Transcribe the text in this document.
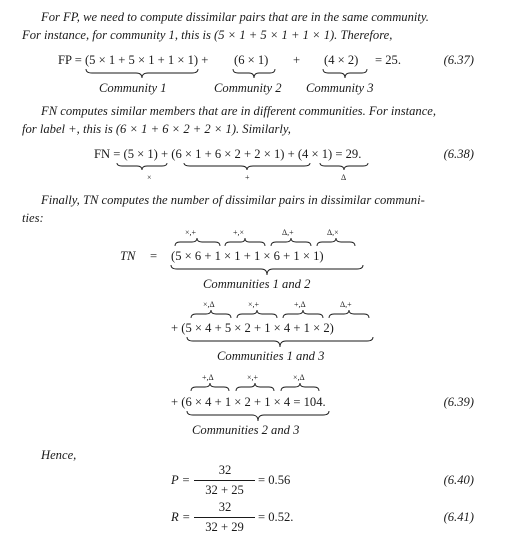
For FP, we need to compute dissimilar pairs that are in the same community.
For instance, for community 1, this is (5 × 1 + 5 × 1 + 1 × 1). Therefore,
FP = (5 × 1 + 5 × 1 + 1 × 1) + (6 × 1) + (4 × 2) = 25.	(6.37)
Community 1	Community 2 Community 3
FN computes similar members that are in different communities. For instance,
for label +, this is (6 × 1 + 6 × 2 + 2 × 1). Similarly,
FN = (5 × 1) + (6 × 1 + 6 × 2 + 2 × 1) + (4 × 1) = 29.	(6.38)
×	+	Δ
Finally, TN computes the number of dissimilar pairs in dissimilar communi-
ties:
×,+	+,×	Δ,+	Δ,×
TN = (5 × 6 + 1 × 1 + 1 × 6 + 1 × 1)
Communities 1 and 2
×,Δ	×,+	+,Δ	Δ,+
+ (5 × 4 + 5 × 2 + 1 × 4 + 1 × 2)
Communities 1 and 3
+,Δ	×,+	×,Δ
+ (6 × 4 + 1 × 2 + 1 × 4 = 104.	(6.39)
Communities 2 and 3
Hence,
32
32 + 25
P =	= 0.56	(6.40)
32
32 + 29
R =	= 0.52.	(6.41)
